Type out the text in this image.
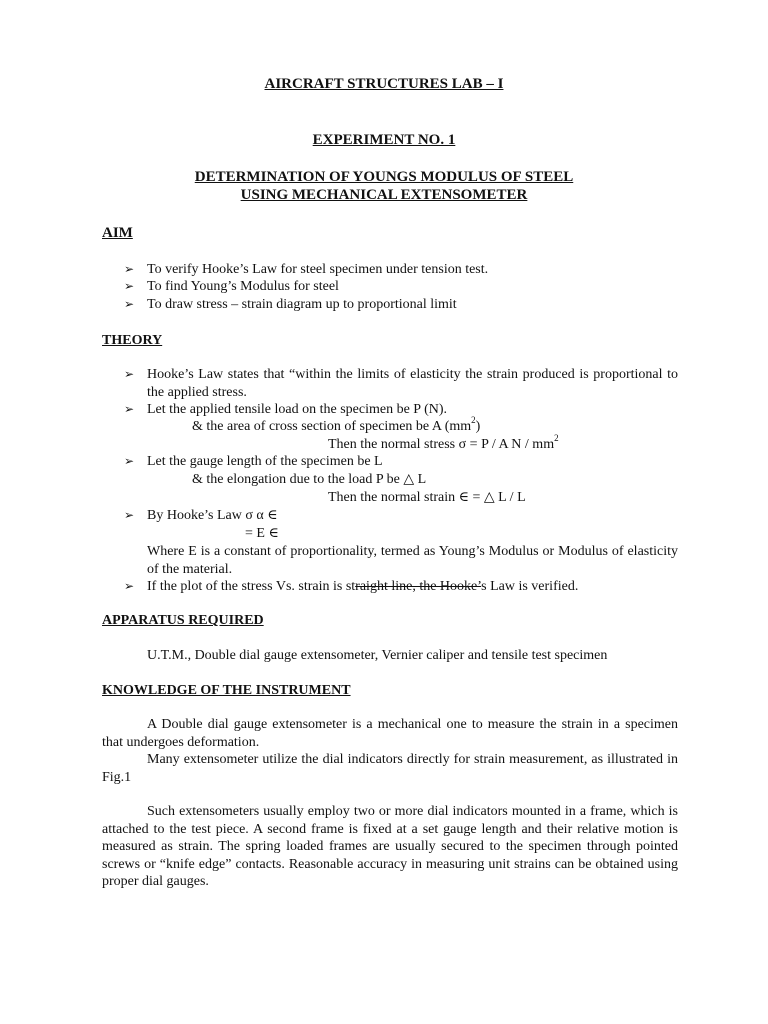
AIRCRAFT STRUCTURES LAB – I
EXPERIMENT NO. 1
DETERMINATION OF YOUNGS MODULUS OF STEEL
USING MECHANICAL EXTENSOMETER
AIM
➢ To verify Hooke’s Law for steel specimen under tension test.
➢ To find Young’s Modulus for steel
➢ To draw stress – strain diagram up to proportional limit
THEORY
➢ Hooke’s Law states that “within the limits of elasticity the strain produced is proportional to the applied stress.
➢ Let the applied tensile load on the specimen be P (N).
& the area of cross section of specimen be A $(mm^2)$
Then the normal stress σ = P / A N / $mm^2$
➢ Let the gauge length of the specimen be L
& the elongation due to the load P be △ L
Then the normal strain ∈ = △ L / L
➢ By Hooke’s Law σ α ∈
= E ∈
Where E is a constant of proportionality, termed as Young’s Modulus or Modulus of elasticity of the material.
➢ If the plot of the stress Vs. strain is straight line, the Hooke’s Law is verified.
APPARATUS REQUIRED
U.T.M., Double dial gauge extensometer, Vernier caliper and tensile test specimen
KNOWLEDGE OF THE INSTRUMENT
A Double dial gauge extensometer is a mechanical one to measure the strain in a specimen that undergoes deformation.
Many extensometer utilize the dial indicators directly for strain measurement, as illustrated in Fig.1
Such extensometers usually employ two or more dial indicators mounted in a frame, which is attached to the test piece. A second frame is fixed at a set gauge length and their relative motion is measured as strain. The spring loaded frames are usually secured to the specimen through pointed screws or “knife edge” contacts. Reasonable accuracy in measuring unit strains can be obtained using proper dial gauges.
